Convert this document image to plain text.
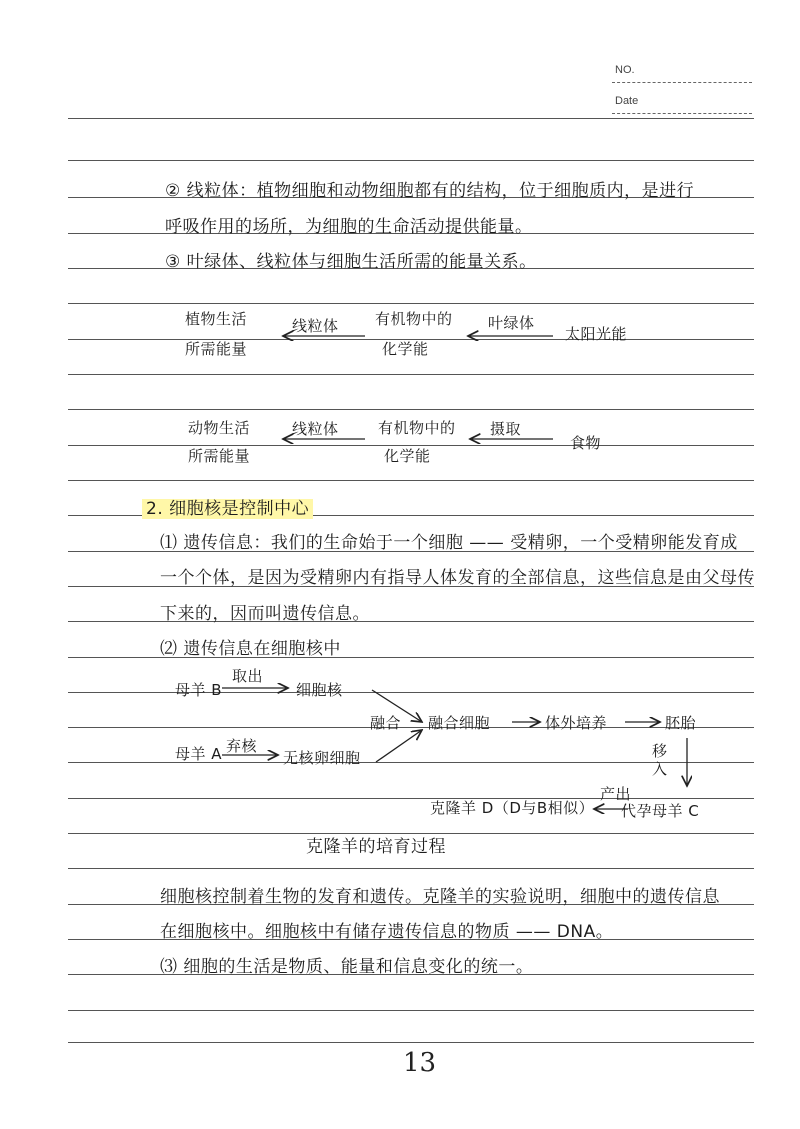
NO.
Date
② 线粒体：植物细胞和动物细胞都有的结构，位于细胞质内，是进行
呼吸作用的场所，为细胞的生命活动提供能量。
③ 叶绿体、线粒体与细胞生活所需的能量关系。
植物生活
所需能量
线粒体 有机物中的
化学能
叶绿体
太阳光能
动物生活
所需能量
线粒体	有机物中的
化学能
摄取
食物
2. 细胞核是控制中心
⑴ 遗传信息：我们的生命始于一个细胞 —— 受精卵，一个受精卵能发育成
一个个体，是因为受精卵内有指导人体发育的全部信息，这些信息是由父母传
下来的，因而叫遗传信息。
⑵ 遗传信息在细胞核中
母羊 B
取出
细胞核
融合 融合细胞	体外培养	胚胎
母羊 A 弃核
无核卵细胞	移入
产出
代孕母羊 C
克隆羊 D（D与B相似）
克隆羊的培育过程
细胞核控制着生物的发育和遗传。克隆羊的实验说明，细胞中的遗传信息
在细胞核中。细胞核中有储存遗传信息的物质 —— DNA。
⑶ 细胞的生活是物质、能量和信息变化的统一。
13
